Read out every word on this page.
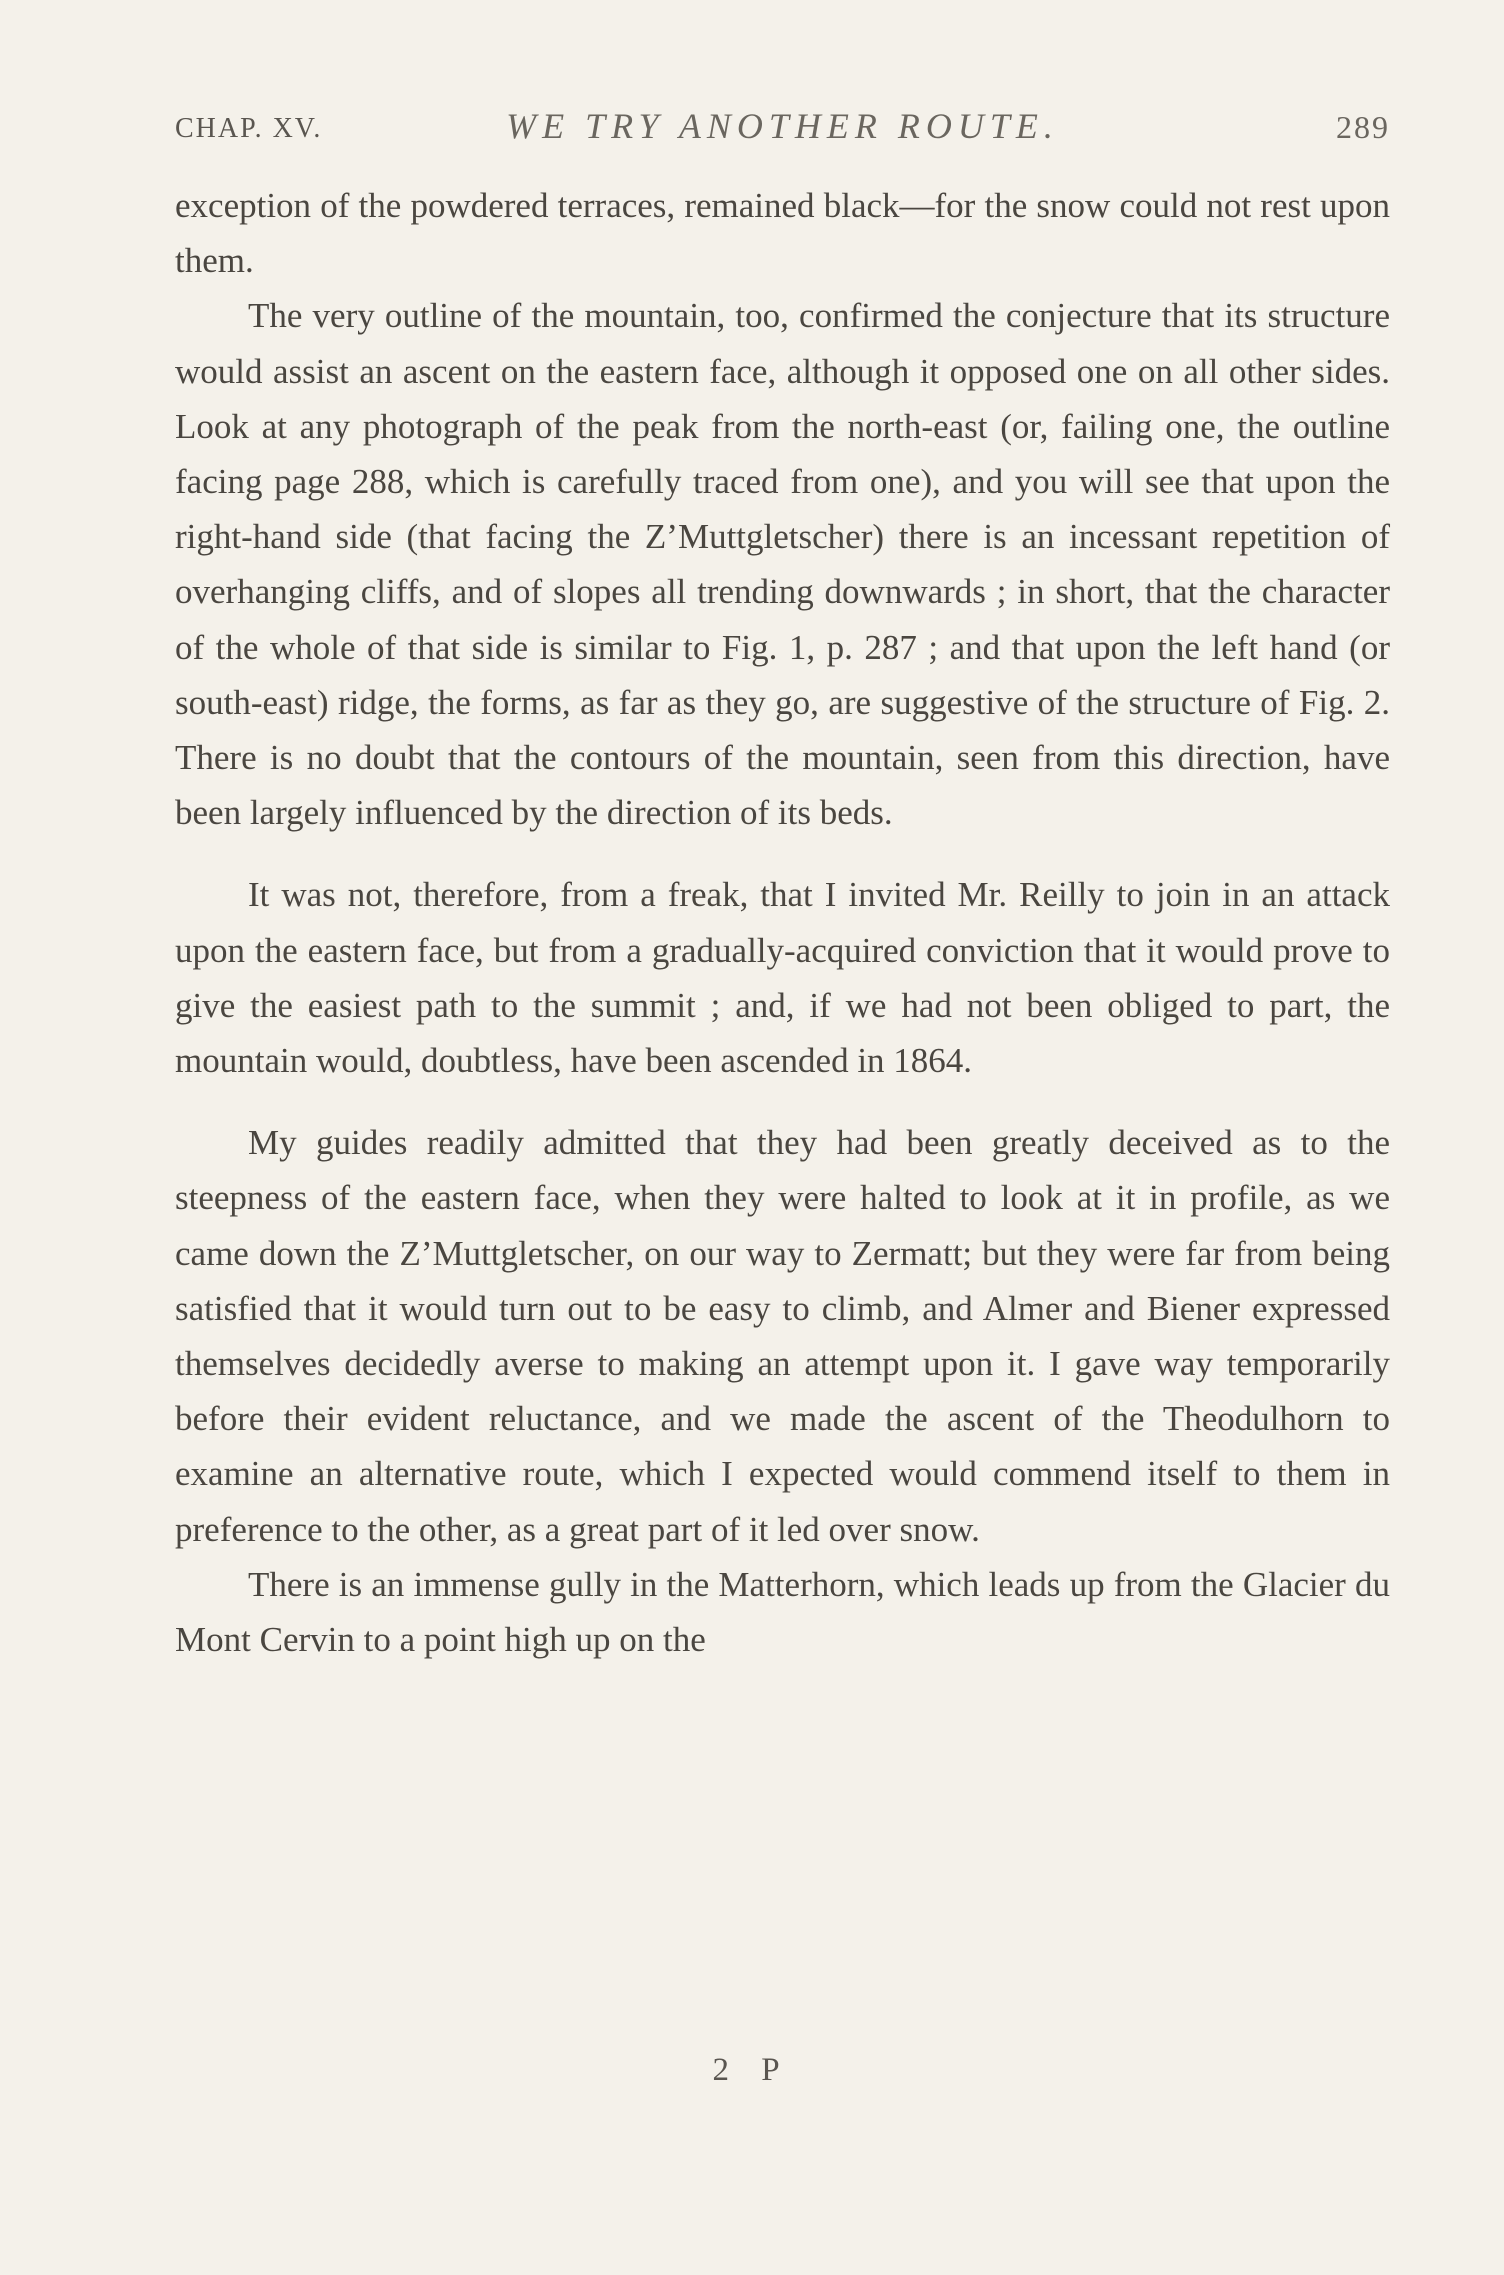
CHAP. XV.	WE TRY ANOTHER ROUTE.	289

exception of the powdered terraces, remained black—for the snow could not rest upon them.

The very outline of the mountain, too, confirmed the conjecture that its structure would assist an ascent on the eastern face, although it opposed one on all other sides. Look at any photograph of the peak from the north-east (or, failing one, the outline facing page 288, which is carefully traced from one), and you will see that upon the right-hand side (that facing the Z’Muttgletscher) there is an incessant repetition of overhanging cliffs, and of slopes all trending downwards ; in short, that the character of the whole of that side is similar to Fig. 1, p. 287 ; and that upon the left hand (or south-east) ridge, the forms, as far as they go, are suggestive of the structure of Fig. 2. There is no doubt that the contours of the mountain, seen from this direction, have been largely influenced by the direction of its beds.

It was not, therefore, from a freak, that I invited Mr. Reilly to join in an attack upon the eastern face, but from a gradually-acquired conviction that it would prove to give the easiest path to the summit ; and, if we had not been obliged to part, the mountain would, doubtless, have been ascended in 1864.

My guides readily admitted that they had been greatly deceived as to the steepness of the eastern face, when they were halted to look at it in profile, as we came down the Z’Muttgletscher, on our way to Zermatt; but they were far from being satisfied that it would turn out to be easy to climb, and Almer and Biener expressed themselves decidedly averse to making an attempt upon it. I gave way temporarily before their evident reluctance, and we made the ascent of the Theodulhorn to examine an alternative route, which I expected would commend itself to them in preference to the other, as a great part of it led over snow.

There is an immense gully in the Matterhorn, which leads up from the Glacier du Mont Cervin to a point high up on the

2 P
